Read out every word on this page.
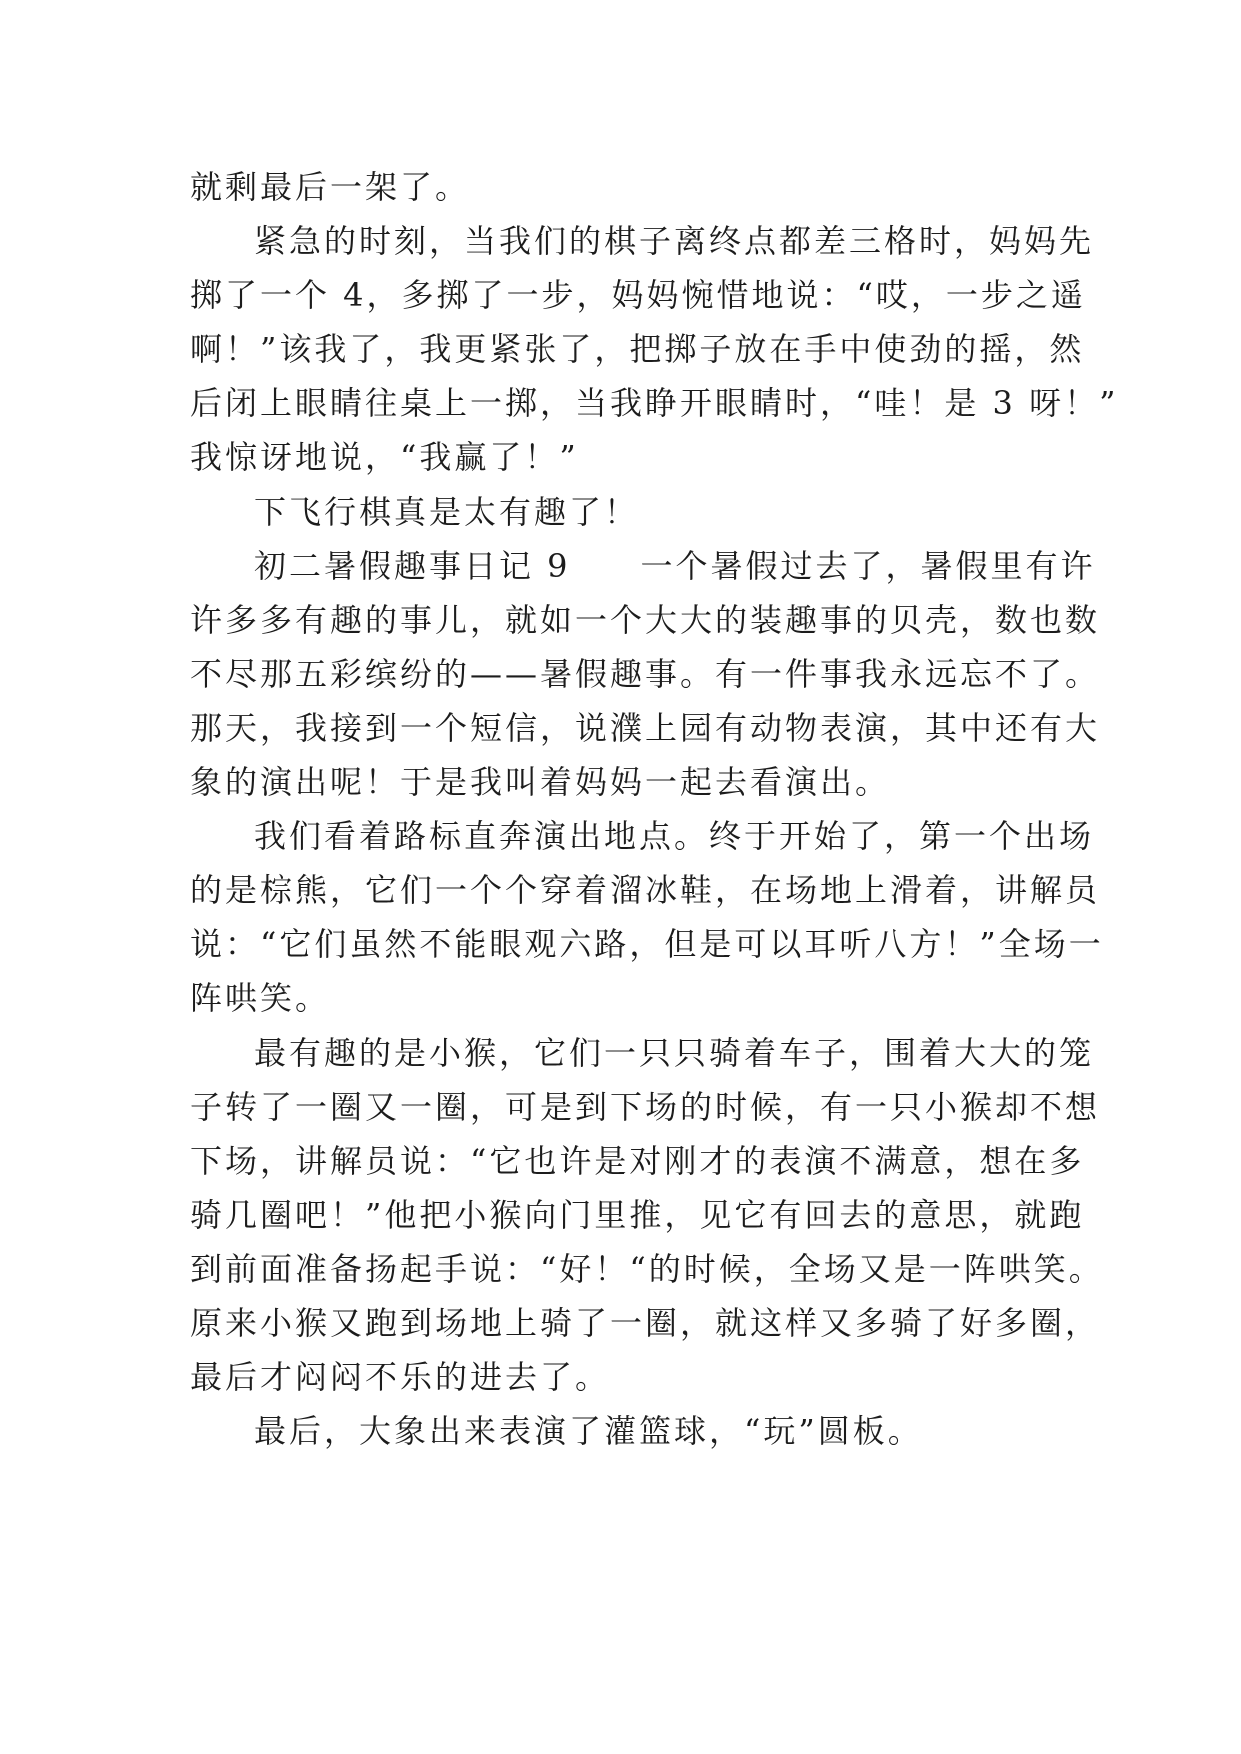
就剩最后一架了。
紧急的时刻，当我们的棋子离终点都差三格时，妈妈先
掷了一个 4，多掷了一步，妈妈惋惜地说：“哎，一步之遥
啊！”该我了，我更紧张了，把掷子放在手中使劲的摇，然
后闭上眼睛往桌上一掷，当我睁开眼睛时，“哇！是 3 呀！”
我惊讶地说，“我赢了！”
下飞行棋真是太有趣了！
初二暑假趣事日记 9　　一个暑假过去了，暑假里有许
许多多有趣的事儿，就如一个大大的装趣事的贝壳，数也数
不尽那五彩缤纷的——暑假趣事。有一件事我永远忘不了。
那天，我接到一个短信，说濮上园有动物表演，其中还有大
象的演出呢！于是我叫着妈妈一起去看演出。
我们看着路标直奔演出地点。终于开始了，第一个出场
的是棕熊，它们一个个穿着溜冰鞋，在场地上滑着，讲解员
说：“它们虽然不能眼观六路，但是可以耳听八方！”全场一
阵哄笑。
最有趣的是小猴，它们一只只骑着车子，围着大大的笼
子转了一圈又一圈，可是到下场的时候，有一只小猴却不想
下场，讲解员说：“它也许是对刚才的表演不满意，想在多
骑几圈吧！”他把小猴向门里推，见它有回去的意思，就跑
到前面准备扬起手说：“好！“的时候，全场又是一阵哄笑。
原来小猴又跑到场地上骑了一圈，就这样又多骑了好多圈，
最后才闷闷不乐的进去了。
最后，大象出来表演了灌篮球，“玩”圆板。
